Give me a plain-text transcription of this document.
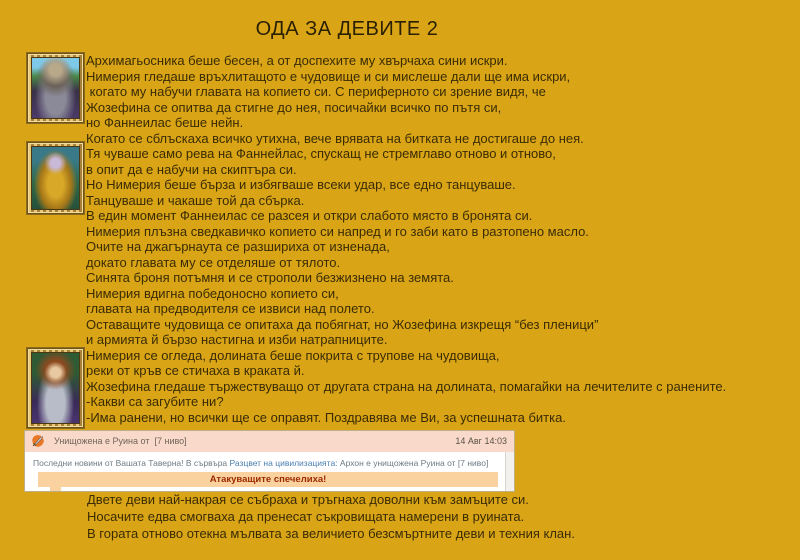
ОДА ЗА ДЕВИТЕ 2
Архимагьосника беше бесен, а от доспехите му хвърчаха сини искри.
Нимерия гледаше връхлитащото е чудовище и си мислеше дали ще има искри,
когато му набучи главата на копието си. С периферното си зрение видя, че
Жозефина се опитва да стигне до нея, посичайки всичко по пътя си,
но Фаннеилас беше нейн.
Когато се сблъскаха всичко утихна, вече врявата на битката не достигаше до нея.
Тя чуваше само рева на Фаннейлас, спускащ не стремглаво отново и отново,
в опит да е набучи на скиптъра си.
Но Нимерия беше бърза и избягваше всеки удар, все едно танцуваше.
Танцуваше и чакаше той да сбърка.
В един момент Фаннеилас се разсея и откри слабото място в бронята си.
Нимерия плъзна сведкавичко копието си напред и го заби като в разтопено масло.
Очите на джагърнаута се разшириха от изненада,
докато главата му се отделяше от тялото.
Синята броня потъмня и се строполи безжизнено на земята.
Нимерия вдигна победоносно копието си,
главата на предводителя се извиси над полето.
Оставащите чудовища се опитаха да побягнат, но Жозефина изкрещя “без пленици”
и армията й бързо настигна и изби натрапниците.
Нимерия се огледа, долината беше покрита с трупове на чудовища,
реки от кръв се стичаха в краката й.
Жозефина гледаше тържествуващо от другата страна на долината, помагайки на лечителите с ранените.
-Какви са загубите ни?
-Има ранени, но всички ще се оправят. Поздравява ме Ви, за успешната битка.
Унищожена е Руина от  [7 ниво]	14 Авг 14:03
Последни новини от Вашата Таверна! В сървъра Разцвет на цивилизацията: Архон е унищожена Руина от [7 ниво]
Атакуващите спечелиха!
Двете деви най-накрая се събраха и тръгнаха доволни към замъците си.
Носачите едва смогваха да пренесат съкровищата намерени в руината.
В гората отново отекна мълвата за величието безсмъртните деви и техния клан.
